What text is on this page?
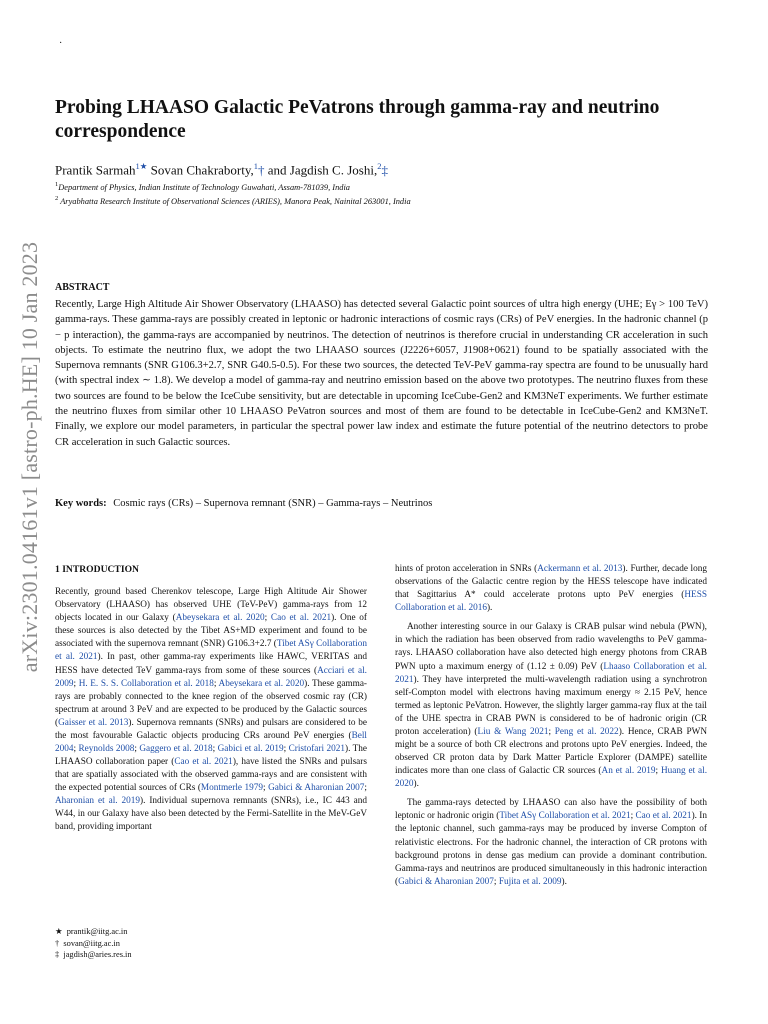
·
arXiv:2301.04161v1 [astro-ph.HE] 10 Jan 2023
Probing LHAASO Galactic PeVatrons through gamma-ray and neutrino correspondence
Prantik Sarmah$^{1★}$ Sovan Chakraborty,$^1$† and Jagdish C. Joshi,$^2$‡
$^1$Department of Physics, Indian Institute of Technology Guwahati, Assam-781039, India
$^2$ Aryabhatta Research Institute of Observational Sciences (ARIES), Manora Peak, Nainital 263001, India
ABSTRACT
Recently, Large High Altitude Air Shower Observatory (LHAASO) has detected several Galactic point sources of ultra high energy (UHE; Eγ > 100 TeV) gamma-rays. These gamma-rays are possibly created in leptonic or hadronic interactions of cosmic rays (CRs) of PeV energies. In the hadronic channel (p − p interaction), the gamma-rays are accompanied by neutrinos. The detection of neutrinos is therefore crucial in understanding CR acceleration in such objects. To estimate the neutrino flux, we adopt the two LHAASO sources (J2226+6057, J1908+0621) found to be spatially associated with the Supernova remnants (SNR G106.3+2.7, SNR G40.5-0.5). For these two sources, the detected TeV-PeV gamma-ray spectra are found to be unusually hard (with spectral index ∼ 1.8). We develop a model of gamma-ray and neutrino emission based on the above two prototypes. The neutrino fluxes from these two sources are found to be below the IceCube sensitivity, but are detectable in upcoming IceCube-Gen2 and KM3NeT experiments. We further estimate the neutrino fluxes from similar other 10 LHAASO PeVatron sources and most of them are found to be detectable in IceCube-Gen2 and KM3NeT. Finally, we explore our model parameters, in particular the spectral power law index and estimate the future potential of the neutrino detectors to probe CR acceleration in such Galactic sources.
Key words: Cosmic rays (CRs) – Supernova remnant (SNR) – Gamma-rays – Neutrinos
1 INTRODUCTION

Recently, ground based Cherenkov telescope, Large High Altitude Air Shower Observatory (LHAASO) has observed UHE (TeV-PeV) gamma-rays from 12 objects located in our Galaxy (Abeysekara et al. 2020; Cao et al. 2021). One of these sources is also detected by the Tibet AS+MD experiment and found to be associated with the supernova remnant (SNR) G106.3+2.7 (Tibet ASγ Collaboration et al. 2021). In past, other gamma-ray experiments like HAWC, VERITAS and HESS have detected TeV gamma-rays from some of these sources (Acciari et al. 2009; H. E. S. S. Collaboration et al. 2018; Abeysekara et al. 2020). These gamma-rays are probably connected to the knee region of the observed cosmic ray (CR) spectrum at around 3 PeV and are expected to be produced by the Galactic sources (Gaisser et al. 2013). Supernova remnants (SNRs) and pulsars are considered to be the most favourable Galactic objects producing CRs around PeV energies (Bell 2004; Reynolds 2008; Gaggero et al. 2018; Gabici et al. 2019; Cristofari 2021). The LHAASO collaboration paper (Cao et al. 2021), have listed the SNRs and pulsars that are spatially associated with the observed gamma-rays and are consistent with the expected potential sources of CRs (Montmerle 1979; Gabici & Aharonian 2007; Aharonian et al. 2019). Individual supernova remnants (SNRs), i.e., IC 443 and W44, in our Galaxy have also been detected by the Fermi-Satellite in the MeV-GeV band, providing important

hints of proton acceleration in SNRs (Ackermann et al. 2013). Further, decade long observations of the Galactic centre region by the HESS telescope have indicated that Sagittarius A* could accelerate protons upto PeV energies (HESS Collaboration et al. 2016).

Another interesting source in our Galaxy is CRAB pulsar wind nebula (PWN), in which the radiation has been observed from radio wavelengths to PeV gamma-rays. LHAASO collaboration have also detected high energy photons from CRAB PWN upto a maximum energy of (1.12 ± 0.09) PeV (Lhaaso Collaboration et al. 2021). They have interpreted the multi-wavelength radiation using a synchrotron self-Compton model with electrons having maximum energy ≈ 2.15 PeV, hence termed as leptonic PeVatron. However, the slightly larger gamma-ray flux at the tail of the UHE spectra in CRAB PWN is considered to be of hadronic origin (CR proton acceleration) (Liu & Wang 2021; Peng et al. 2022). Hence, CRAB PWN might be a source of both CR electrons and protons upto PeV energies. Indeed, the observed CR proton data by Dark Matter Particle Explorer (DAMPE) satellite indicates more than one class of Galactic CR sources (An et al. 2019; Huang et al. 2020).

The gamma-rays detected by LHAASO can also have the possibility of both leptonic or hadronic origin (Tibet ASγ Collaboration et al. 2021; Cao et al. 2021). In the leptonic channel, such gamma-rays may be produced by inverse Compton of relativistic electrons. For the hadronic channel, the interaction of CR protons with background protons in dense gas medium can provide a dominant contribution. Gamma-rays and neutrinos are produced simultaneously in this hadronic interaction (Gabici & Aharonian 2007; Fujita et al. 2009).

★ prantik@iitg.ac.in
† sovan@iitg.ac.in
‡ jagdish@aries.res.in
